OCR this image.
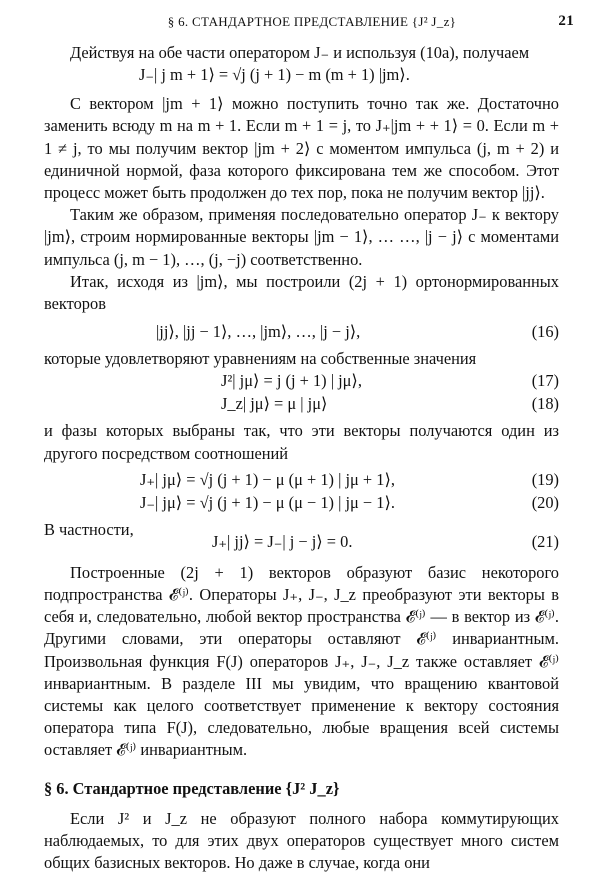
§ 6. СТАНДАРТНОЕ ПРЕДСТАВЛЕНИЕ {J² J_z}	21

Действуя на обе части оператором J₋ и используя (10а), получаем

J₋| j m + 1⟩ = √j (j + 1) − m (m + 1) |jm⟩.

С вектором |jm + 1⟩ можно поступить точно так же. Достаточно заменить всюду m на m + 1. Если m + 1 = j, то J₊|jm + + 1⟩ = 0. Если m + 1 ≠ j, то мы получим вектор |jm + 2⟩ с моментом импульса (j, m + 2) и единичной нормой, фаза которого фиксирована тем же способом. Этот процесс может быть продолжен до тех пор, пока не получим вектор |jj⟩.

Таким же образом, применяя последовательно оператор J₋ к вектору |jm⟩, строим нормированные векторы |jm − 1⟩, … …, |j − j⟩ с моментами импульса (j, m − 1), …, (j, −j) соответственно.

Итак, исходя из |jm⟩, мы построили (2j + 1) ортонормированных векторов

|jj⟩, |jj − 1⟩, …, |jm⟩, …, |j − j⟩,	(16)

которые удовлетворяют уравнениям на собственные значения

J²| jμ⟩ = j (j + 1) | jμ⟩,	(17)
J_z| jμ⟩ = μ | jμ⟩	(18)

и фазы которых выбраны так, что эти векторы получаются один из другого посредством соотношений

J₊| jμ⟩ = √j (j + 1) − μ (μ + 1) | jμ + 1⟩,	(19)
J₋| jμ⟩ = √j (j + 1) − μ (μ − 1) | jμ − 1⟩.	(20)
В частности,
J₊| jj⟩ = J₋| j − j⟩ = 0.	(21)

Построенные (2j + 1) векторов образуют базис некоторого подпространства 𝓔⁽ʲ⁾. Операторы J₊, J₋, J_z преобразуют эти векторы в себя и, следовательно, любой вектор пространства 𝓔⁽ʲ⁾ — в вектор из 𝓔⁽ʲ⁾. Другими словами, эти операторы оставляют 𝓔⁽ʲ⁾ инвариантным. Произвольная функция F(J) операторов J₊, J₋, J_z также оставляет 𝓔⁽ʲ⁾ инвариантным. В разделе III мы увидим, что вращению квантовой системы как целого соответствует применение к вектору состояния оператора типа F(J), следовательно, любые вращения всей системы оставляет 𝓔⁽ʲ⁾ инвариантным.

§ 6. Стандартное представление {J² J_z}

Если J² и J_z не образуют полного набора коммутирующих наблюдаемых, то для этих двух операторов существует много систем общих базисных векторов. Но даже в случае, когда они
